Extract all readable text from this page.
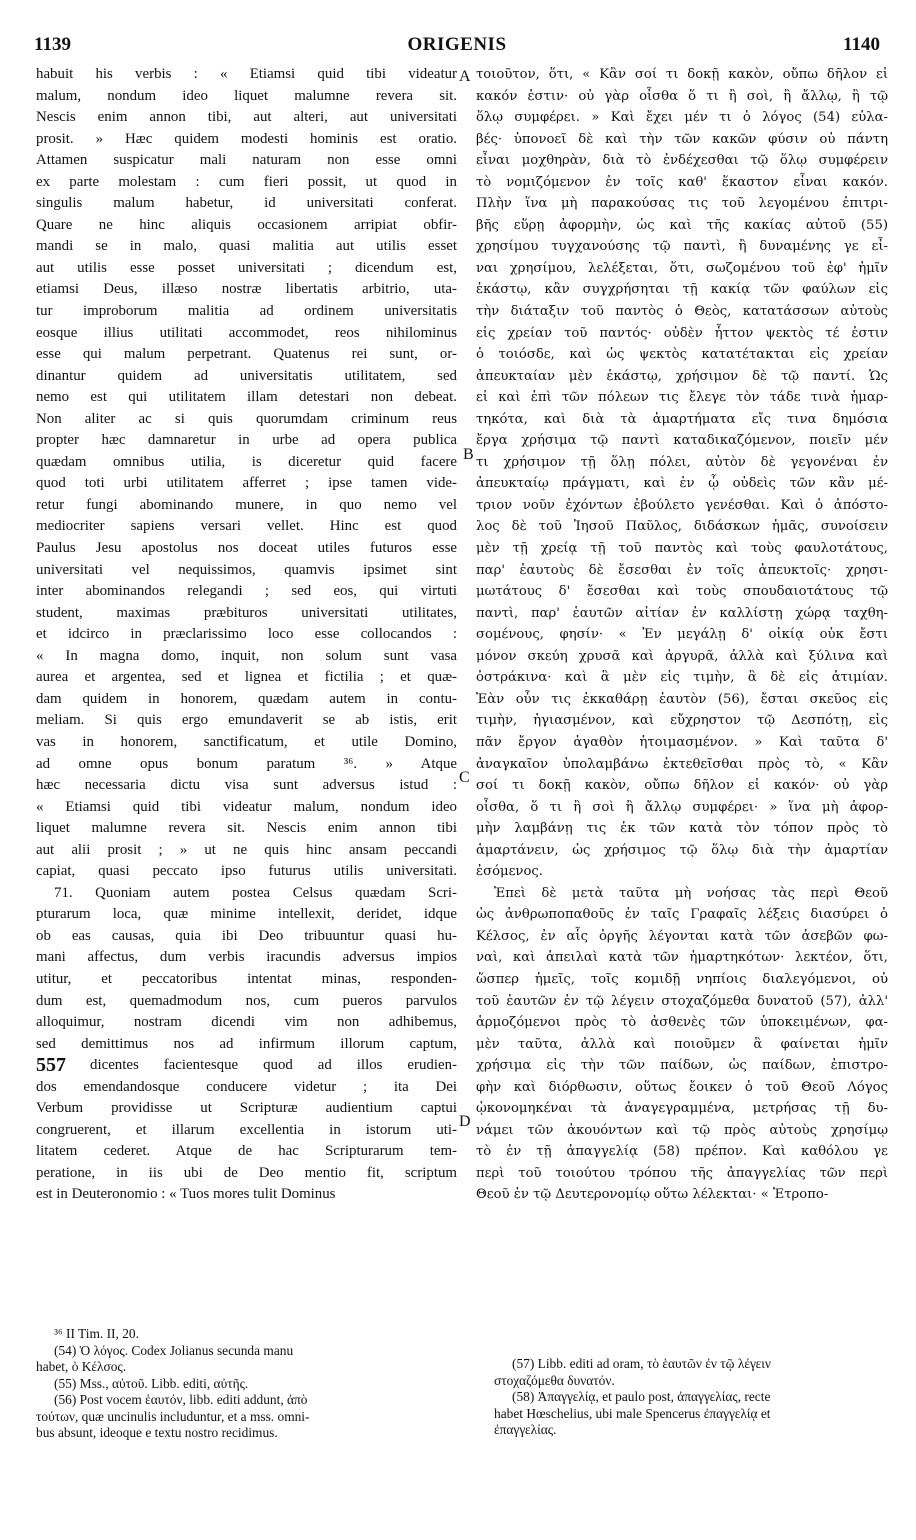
1139	ORIGENIS	1140
habuit his verbis : « Etiamsi quid tibi videatur
malum, nondum ideo liquet malumne revera sit.
Nescis enim annon tibi, aut alteri, aut universitati
prosit. » Hæc quidem modesti hominis est oratio.
Attamen suspicatur mali naturam non esse omni
ex parte molestam : cum fieri possit, ut quod in
singulis malum habetur, id universitati conferat.
Quare ne hinc aliquis occasionem arripiat obfir-
mandi se in malo, quasi malitia aut utilis esset
aut utilis esse posset universitati ; dicendum est,
etiamsi Deus, illæso nostræ libertatis arbitrio, uta-
tur improborum malitia ad ordinem universitatis
eosque illius utilitati accommodet, reos nihilominus
esse qui malum perpetrant. Quatenus rei sunt, or-
dinantur quidem ad universitatis utilitatem, sed
nemo est qui utilitatem illam detestari non debeat.
Non aliter ac si quis quorumdam criminum reus
propter hæc damnaretur in urbe ad opera publica
quædam omnibus utilia, is diceretur quid facere
quod toti urbi utilitatem afferret ; ipse tamen vide-
retur fungi abominando munere, in quo nemo vel
mediocriter sapiens versari vellet. Hinc est quod
Paulus Jesu apostolus nos doceat utiles futuros esse
universitati vel nequissimos, quamvis ipsimet sint
inter abominandos relegandi ; sed eos, qui virtuti
student, maximas præbituros universitati utilitates,
et idcirco in præclarissimo loco esse collocandos :
« In magna domo, inquit, non solum sunt vasa
aurea et argentea, sed et lignea et fictilia ; et quæ-
dam quidem in honorem, quædam autem in contu-
meliam. Si quis ergo emundaverit se ab istis, erit
vas in honorem, sanctificatum, et utile Domino,
ad omne opus bonum paratum ³⁶. » Atque
hæc necessaria dictu visa sunt adversus istud :
« Etiamsi quid tibi videatur malum, nondum ideo
liquet malumne revera sit. Nescis enim annon tibi
aut alii prosit ; » ut ne quis hinc ansam peccandi
capiat, quasi peccato ipso futurus utilis universitati.
71. Quoniam autem postea Celsus quædam Scri-
pturarum loca, quæ minime intellexit, deridet, idque
ob eas causas, quia ibi Deo tribuuntur quasi hu-
mani affectus, dum verbis iracundis adversus impios
utitur, et peccatoribus intentat minas, responden-
dum est, quemadmodum nos, cum pueros parvulos
alloquimur, nostram dicendi vim non adhibemus,
sed demittimus nos ad infirmum illorum captum,
dicentes facientesque quod ad illos erudien-
dos emendandosque conducere videtur ; ita Dei
Verbum providisse ut Scripturæ audientium captui
congruerent, et illarum excellentia in istorum uti-
litatem cederet. Atque de hac Scripturarum tem-
peratione, in iis ubi de Deo mentio fit, scriptum
est in Deuteronomio : « Tuos mores tulit Dominus
τοιοῦτον, ὅτι, « Κἂν σοί τι δοκῇ κακὸν, οὔπω δῆλον εἰ
κακόν ἐστιν· οὐ γὰρ οἶσθα ὅ τι ἢ σοὶ, ἢ ἄλλῳ, ἢ τῷ
ὅλῳ συμφέρει. » Καὶ ἔχει μέν τι ὁ λόγος (54) εὐλα-
βές· ὑπονοεῖ δὲ καὶ τὴν τῶν κακῶν φύσιν οὐ πάντη
εἶναι μοχθηρὰν, διὰ τὸ ἐνδέχεσθαι τῷ ὅλῳ συμφέρειν
τὸ νομιζόμενον ἐν τοῖς καθ' ἕκαστον εἶναι κακόν.
Πλὴν ἵνα μὴ παρακούσας τις τοῦ λεγομένου ἐπιτρι-
βῆς εὕρῃ ἀφορμὴν, ὡς καὶ τῆς κακίας αὐτοῦ (55)
χρησίμου τυγχανούσης τῷ παντὶ, ἢ δυναμένης γε εἶ-
ναι χρησίμου, λελέξεται, ὅτι, σωζομένου τοῦ ἐφ' ἡμῖν
ἑκάστῳ, κἂν συγχρήσηται τῇ κακίᾳ τῶν φαύλων εἰς
τὴν διάταξιν τοῦ παντὸς ὁ Θεὸς, κατατάσσων αὐτοὺς
εἰς χρείαν τοῦ παντός· οὐδὲν ἧττον ψεκτὸς τέ ἐστιν
ὁ τοιόσδε, καὶ ὡς ψεκτὸς κατατέτακται εἰς χρείαν
ἀπευκταίαν μὲν ἑκάστῳ, χρήσιμον δὲ τῷ παντί. Ὡς
εἰ καὶ ἐπὶ τῶν πόλεων τις ἔλεγε τὸν τάδε τινὰ ἡμαρ-
τηκότα, καὶ διὰ τὰ ἁμαρτήματα εἴς τινα δημόσια
ἔργα χρήσιμα τῷ παντὶ καταδικαζόμενον, ποιεῖν μέν
τι χρήσιμον τῇ ὅλῃ πόλει, αὐτὸν δὲ γεγονέναι ἐν
ἀπευκταίῳ πράγματι, καὶ ἐν ᾧ οὐδεὶς τῶν κἂν μέ-
τριον νοῦν ἐχόντων ἐβούλετο γενέσθαι. Καὶ ὁ ἀπόστο-
λος δὲ τοῦ Ἰησοῦ Παῦλος, διδάσκων ἡμᾶς, συνοίσειν
μὲν τῇ χρείᾳ τῇ τοῦ παντὸς καὶ τοὺς φαυλοτάτους,
παρ' ἑαυτοὺς δὲ ἔσεσθαι ἐν τοῖς ἀπευκτοῖς· χρησι-
μωτάτους δ' ἔσεσθαι καὶ τοὺς σπουδαιοτάτους τῷ
παντὶ, παρ' ἑαυτῶν αἰτίαν ἐν καλλίστῃ χώρᾳ ταχθη-
σομένους, φησίν· « Ἐν μεγάλῃ δ' οἰκίᾳ οὐκ ἔστι
μόνον σκεύη χρυσᾶ καὶ ἀργυρᾶ, ἀλλὰ καὶ ξύλινα καὶ
ὀστράκινα· καὶ ἃ μὲν εἰς τιμὴν, ἃ δὲ εἰς ἀτιμίαν.
Ἐὰν οὖν τις ἐκκαθάρῃ ἑαυτὸν (56), ἔσται σκεῦος εἰς
τιμὴν, ἡγιασμένον, καὶ εὔχρηστον τῷ Δεσπότῃ, εἰς
πᾶν ἔργον ἀγαθὸν ἡτοιμασμένον. » Καὶ ταῦτα δ'
ἀναγκαῖον ὑπολαμβάνω ἐκτεθεῖσθαι πρὸς τὸ, « Κἂν
σοί τι δοκῇ κακὸν, οὔπω δῆλον εἰ κακόν· οὐ γὰρ
οἶσθα, ὅ τι ἢ σοὶ ἢ ἄλλῳ συμφέρει· » ἵνα μὴ ἀφορ-
μὴν λαμβάνῃ τις ἐκ τῶν κατὰ τὸν τόπον πρὸς τὸ
ἁμαρτάνειν, ὡς χρήσιμος τῷ ὅλῳ διὰ τὴν ἁμαρτίαν
ἐσόμενος.
Ἐπεὶ δὲ μετὰ ταῦτα μὴ νοήσας τὰς περὶ Θεοῦ
ὡς ἀνθρωποπαθοῦς ἐν ταῖς Γραφαῖς λέξεις διασύρει ὁ
Κέλσος, ἐν αἷς ὀργῆς λέγονται κατὰ τῶν ἀσεβῶν φω-
ναὶ, καὶ ἀπειλαὶ κατὰ τῶν ἡμαρτηκότων· λεκτέον, ὅτι,
ὥσπερ ἡμεῖς, τοῖς κομιδῇ νηπίοις διαλεγόμενοι, οὐ
τοῦ ἑαυτῶν ἐν τῷ λέγειν στοχαζόμεθα δυνατοῦ (57), ἀλλ'
ἁρμοζόμενοι πρὸς τὸ ἀσθενὲς τῶν ὑποκειμένων, φα-
μὲν ταῦτα, ἀλλὰ καὶ ποιοῦμεν ἃ φαίνεται ἡμῖν
χρήσιμα εἰς τὴν τῶν παίδων, ὡς παίδων, ἐπιστρο-
φὴν καὶ διόρθωσιν, οὕτως ἔοικεν ὁ τοῦ Θεοῦ Λόγος
ᾠκονομηκέναι τὰ ἀναγεγραμμένα, μετρήσας τῇ δυ-
νάμει τῶν ἀκουόντων καὶ τῷ πρὸς αὐτοὺς χρησίμῳ
τὸ ἐν τῇ ἀπαγγελίᾳ (58) πρέπον. Καὶ καθόλου γε
περὶ τοῦ τοιούτου τρόπου τῆς ἀπαγγελίας τῶν περὶ
Θεοῦ ἐν τῷ Δευτερονομίῳ οὕτω λέλεκται· « Ἐτροπο-
A
B
C
D
³⁶ II Tim. II, 20.
(54) Ὁ λόγος. Codex Jolianus secunda manu
habet, ὁ Κέλσος.
(55) Mss., αὐτοῦ. Libb. editi, αὐτῆς.
(56) Post vocem ἑαυτόν, libb. editi addunt, ἀπὸ
τούτων, quæ uncinulis includuntur, et a mss. omni-
bus absunt, ideoque e textu nostro recidimus.
(57) Libb. editi ad oram, τὸ ἑαυτῶν ἐν τῷ λέγειν
στοχαζόμεθα δυνατόν.
(58) Ἀπαγγελίᾳ, et paulo post, ἀπαγγελίας, recte
habet Hœschelius, ubi male Spencerus ἐπαγγελίᾳ et
ἐπαγγελίας.
557
